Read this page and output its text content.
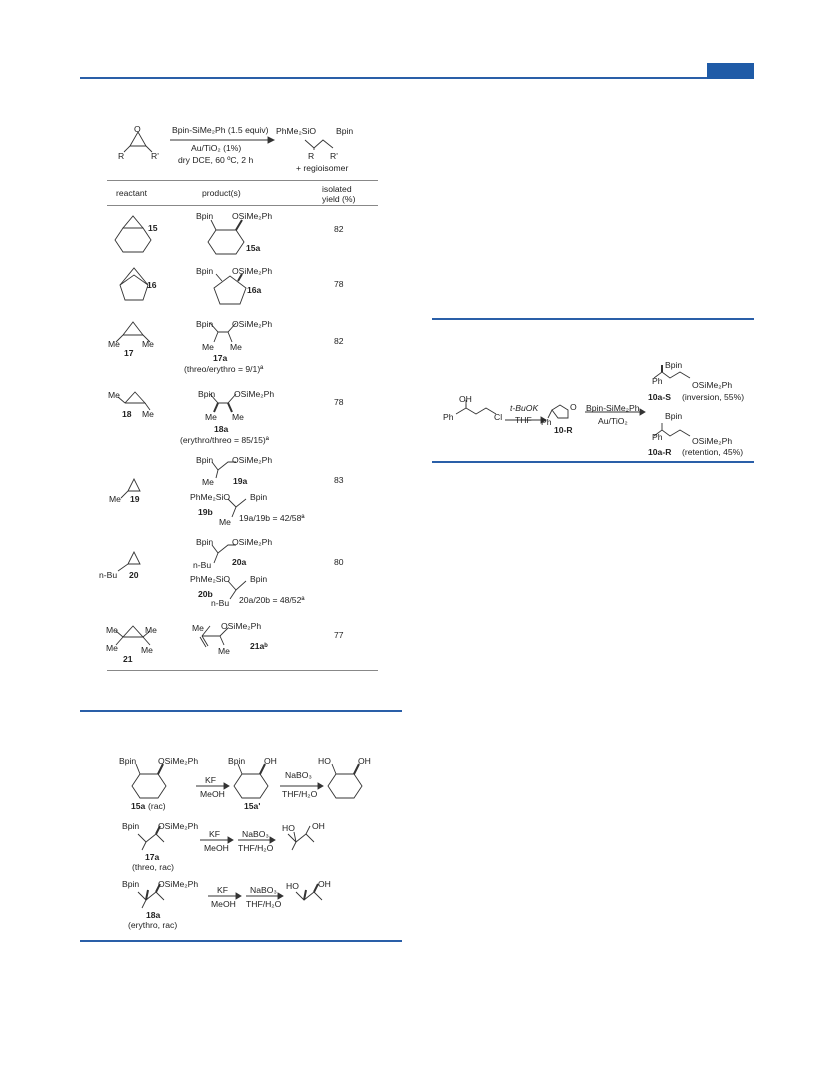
O
R	R'
Bpin-SiMe₂Ph (1.5 equiv)
Au/TiO₂ (1%)
dry DCE, 60 ºC, 2 h
PhMe₂SiO Bpin
R R'
+ regioisomer
reactant	product(s)	isolated
yield (%)
15
Bpin OSiMe₂Ph
15a
82
16
Bpin OSiMe₂Ph
16a
78
Me	Me
17
Bpin OSiMe₂Ph
Me Me
17a
(threo/erythro = 9/1)ª
82
Me
Me
18
Bpin OSiMe₂Ph
Me Me
18a
(erythro/threo = 85/15)ª
78
Me 19
Bpin OSiMe₂Ph
Me 19a
PhMe₂SiO Bpin
19b
Me 19a/19b = 42/58ª
83
n-Bu 20
Bpin OSiMe₂Ph
n-Bu 20a
PhMe₂SiO Bpin
20b
n-Bu 20a/20b = 48/52ª
80
Me
Me
Me
Me
21
Me OSiMe₂Ph
Me 21aᵇ
77
OH
Ph	Cl
t-BuOK
THF
O
Ph
10-R
Bpin-SiMe₂Ph
Au/TiO₂
Bpin
Ph	OSiMe₂Ph
10a-S (inversion, 55%)
Bpin
Ph	OSiMe₂Ph
10a-R (retention, 45%)
Bpin	OSiMe₂Ph
15a (rac)
KF
MeOH
Bpin OH
15a'
NaBO₃
THF/H₂O
HO	OH
Bpin OSiMe₂Ph
17a
(threo, rac)
KF
MeOH
NaBO₃
THF/H₂O
HO OH
Bpin OSiMe₂Ph
18a
(erythro, rac)
KF
MeOH
NaBO₃
THF/H₂O
HO OH
